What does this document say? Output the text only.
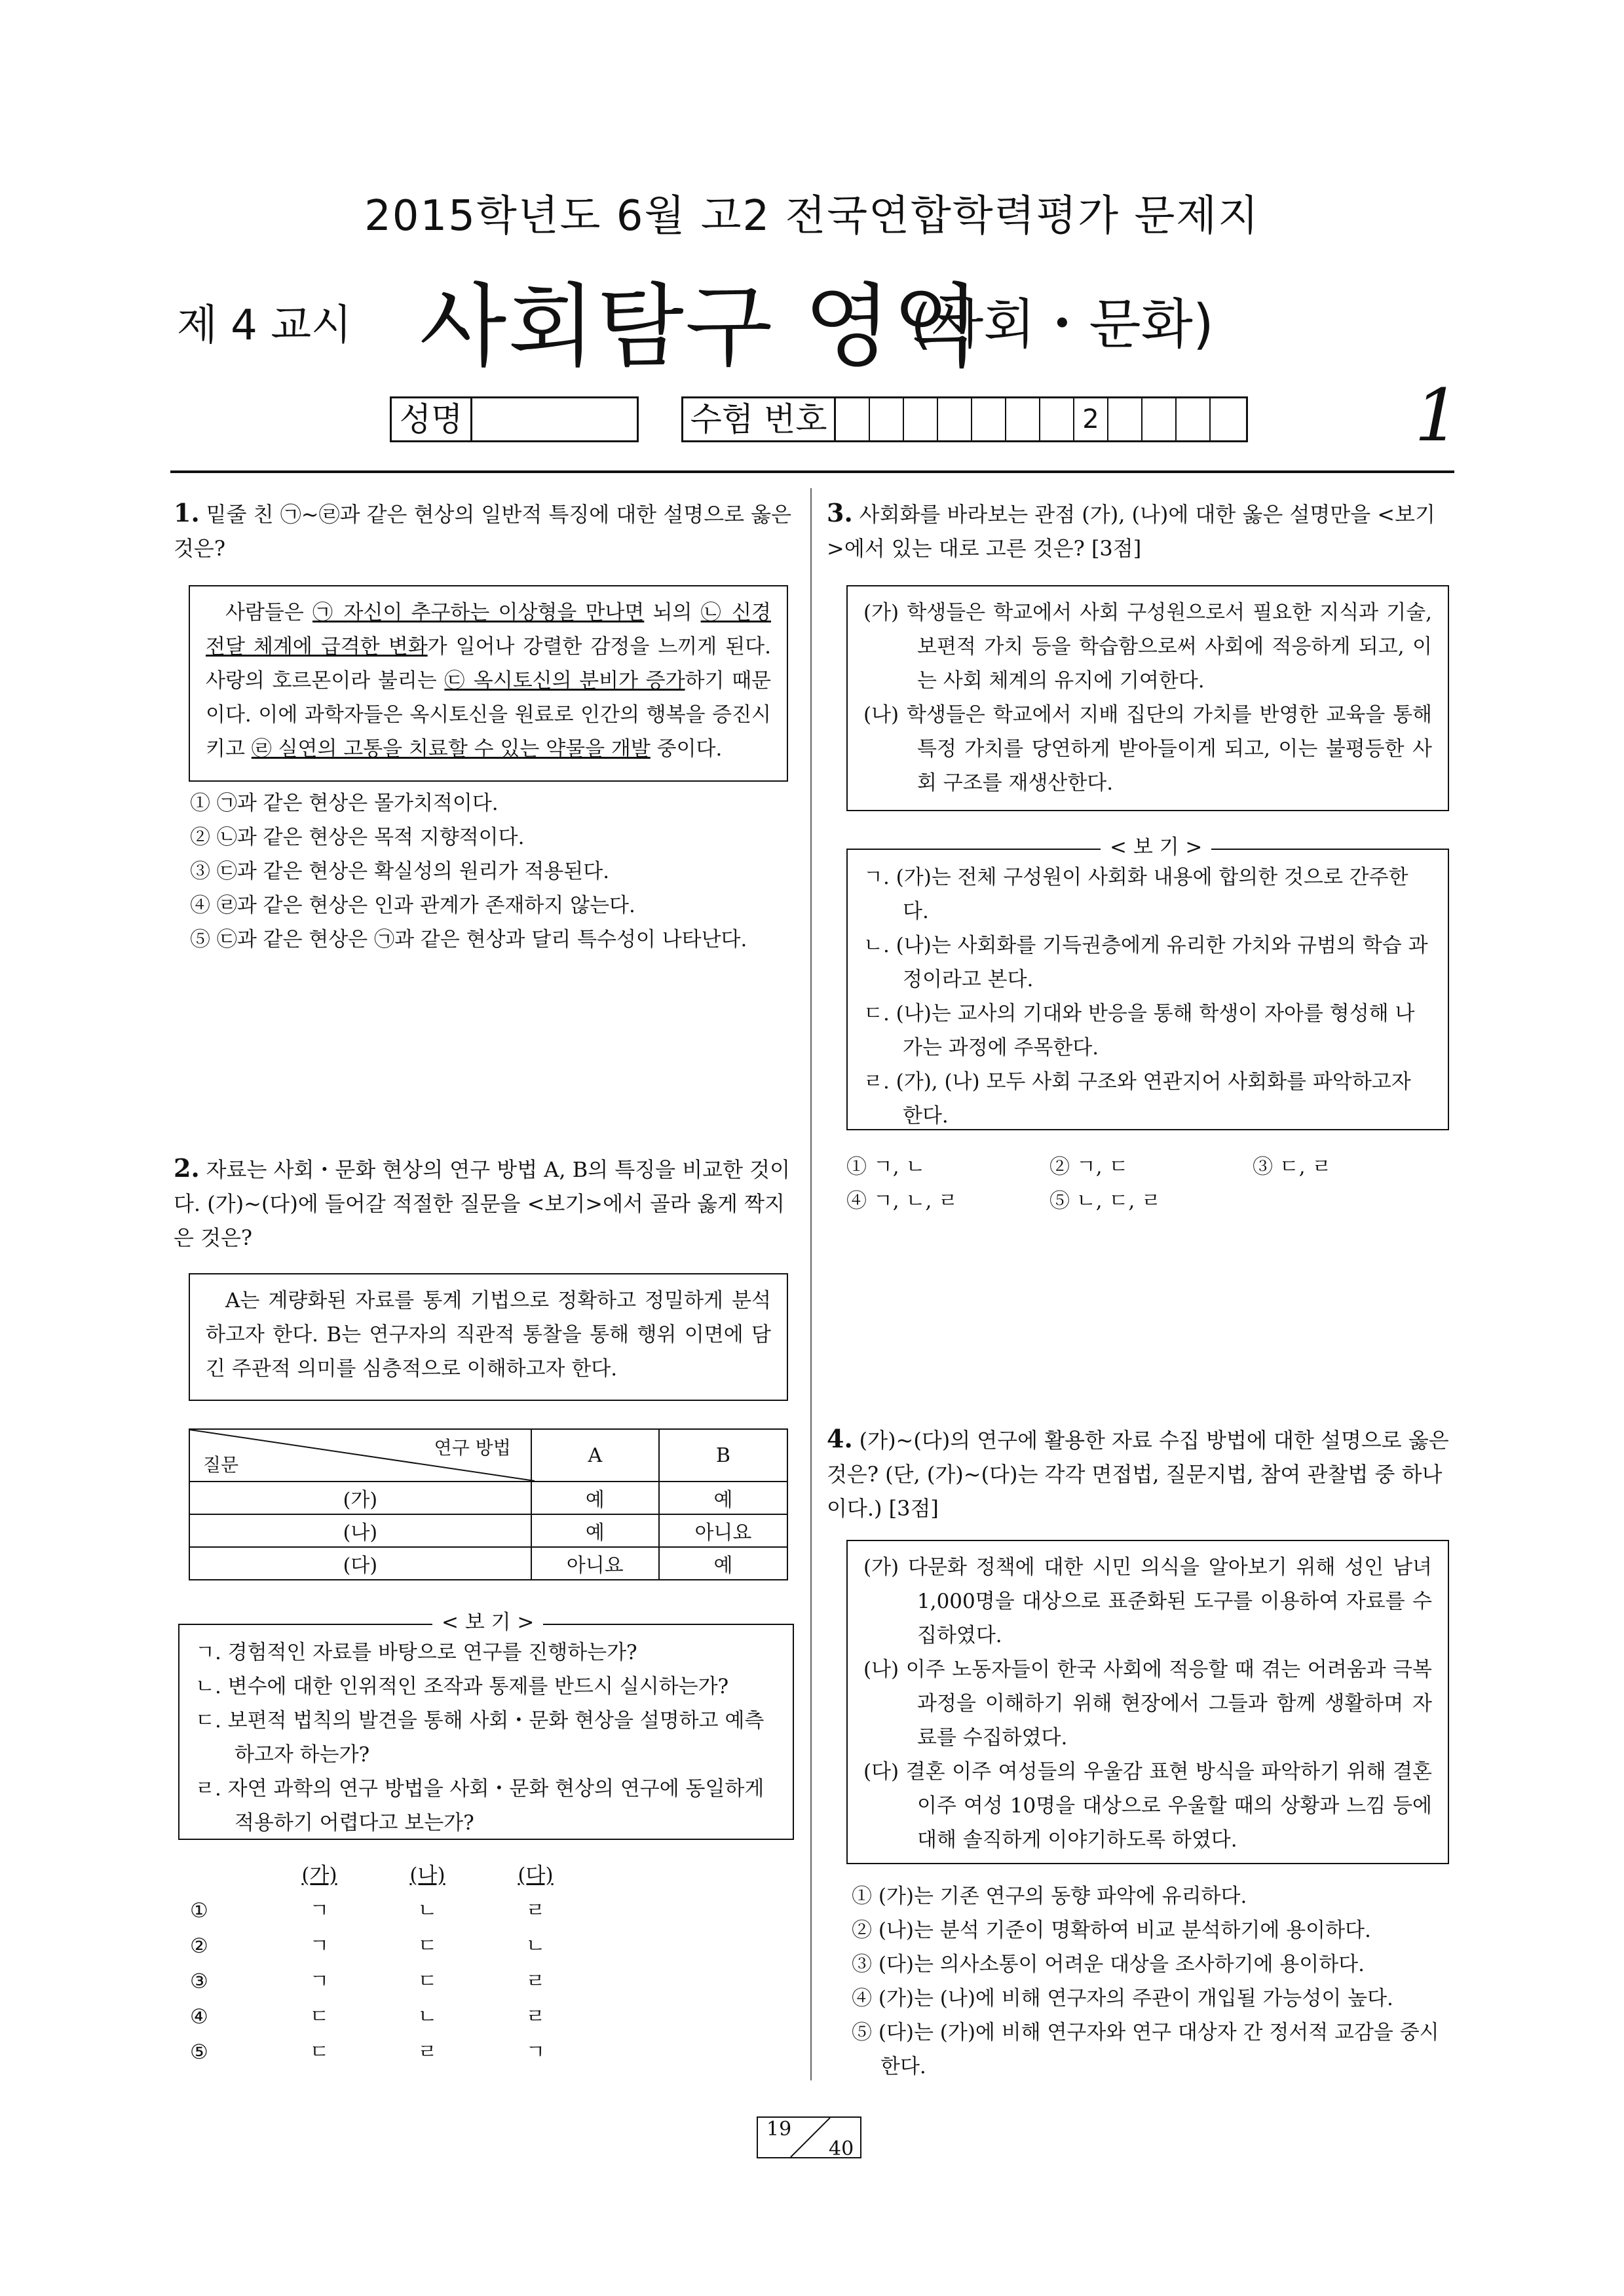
2015학년도 6월 고2 전국연합학력평가 문제지
제 4 교시 사회탐구 영역
(사회・문화)
1
성명	수험 번호	2
1. 밑줄 친 ㉠~㉣과 같은 현상의 일반적 특징에 대한 설명으로 옳은 것은?
사람들은 ㉠ 자신이 추구하는 이상형을 만나면 뇌의 ㉡ 신경 전달 체계에 급격한 변화가 일어나 강렬한 감정을 느끼게 된다. 사랑의 호르몬이라 불리는 ㉢ 옥시토신의 분비가 증가하기 때문이다. 이에 과학자들은 옥시토신을 원료로 인간의 행복을 증진시키고 ㉣ 실연의 고통을 치료할 수 있는 약물을 개발 중이다.
① ㉠과 같은 현상은 몰가치적이다.
② ㉡과 같은 현상은 목적 지향적이다.
③ ㉢과 같은 현상은 확실성의 원리가 적용된다.
④ ㉣과 같은 현상은 인과 관계가 존재하지 않는다.
⑤ ㉢과 같은 현상은 ㉠과 같은 현상과 달리 특수성이 나타난다.
2. 자료는 사회・문화 현상의 연구 방법 A, B의 특징을 비교한 것이다. (가)~(다)에 들어갈 적절한 질문을 <보기>에서 골라 옳게 짝지은 것은?
A는 계량화된 자료를 통계 기법으로 정확하고 정밀하게 분석하고자 한다. B는 연구자의 직관적 통찰을 통해 행위 이면에 담긴 주관적 의미를 심층적으로 이해하고자 한다.
연구 방법
질문	A	B
(가)	예	예
(나)	예	아니요
(다)	아니요	예
ㄱ. 경험적인 자료를 바탕으로 연구를 진행하는가?
ㄴ. 변수에 대한 인위적인 조작과 통제를 반드시 실시하는가?
ㄷ. 보편적 법칙의 발견을 통해 사회・문화 현상을 설명하고 예측하고자 하는가?
ㄹ. 자연 과학의 연구 방법을 사회・문화 현상의 연구에 동일하게 적용하기 어렵다고 보는가?
< 보 기 >
(가)	(나)	(다)
①	ㄱ	ㄴ	ㄹ
②	ㄱ	ㄷ	ㄴ
③	ㄱ	ㄷ	ㄹ
④	ㄷ	ㄴ	ㄹ
⑤	ㄷ	ㄹ	ㄱ
3. 사회화를 바라보는 관점 (가), (나)에 대한 옳은 설명만을 <보기>에서 있는 대로 고른 것은? [3점]
(가) 학생들은 학교에서 사회 구성원으로서 필요한 지식과 기술, 보편적 가치 등을 학습함으로써 사회에 적응하게 되고, 이는 사회 체계의 유지에 기여한다.
(나) 학생들은 학교에서 지배 집단의 가치를 반영한 교육을 통해 특정 가치를 당연하게 받아들이게 되고, 이는 불평등한 사회 구조를 재생산한다.
ㄱ. (가)는 전체 구성원이 사회화 내용에 합의한 것으로 간주한다.
ㄴ. (나)는 사회화를 기득권층에게 유리한 가치와 규범의 학습 과정이라고 본다.
ㄷ. (나)는 교사의 기대와 반응을 통해 학생이 자아를 형성해 나가는 과정에 주목한다.
ㄹ. (가), (나) 모두 사회 구조와 연관지어 사회화를 파악하고자 한다.
< 보 기 >
① ㄱ, ㄴ	② ㄱ, ㄷ	③ ㄷ, ㄹ
④ ㄱ, ㄴ, ㄹ	⑤ ㄴ, ㄷ, ㄹ
4. (가)~(다)의 연구에 활용한 자료 수집 방법에 대한 설명으로 옳은 것은? (단, (가)~(다)는 각각 면접법, 질문지법, 참여 관찰법 중 하나이다.) [3점]
(가) 다문화 정책에 대한 시민 의식을 알아보기 위해 성인 남녀 1,000명을 대상으로 표준화된 도구를 이용하여 자료를 수집하였다.
(나) 이주 노동자들이 한국 사회에 적응할 때 겪는 어려움과 극복 과정을 이해하기 위해 현장에서 그들과 함께 생활하며 자료를 수집하였다.
(다) 결혼 이주 여성들의 우울감 표현 방식을 파악하기 위해 결혼 이주 여성 10명을 대상으로 우울할 때의 상황과 느낌 등에 대해 솔직하게 이야기하도록 하였다.
① (가)는 기존 연구의 동향 파악에 유리하다.
② (나)는 분석 기준이 명확하여 비교 분석하기에 용이하다.
③ (다)는 의사소통이 어려운 대상을 조사하기에 용이하다.
④ (가)는 (나)에 비해 연구자의 주관이 개입될 가능성이 높다.
⑤ (다)는 (가)에 비해 연구자와 연구 대상자 간 정서적 교감을 중시한다.
19
40
